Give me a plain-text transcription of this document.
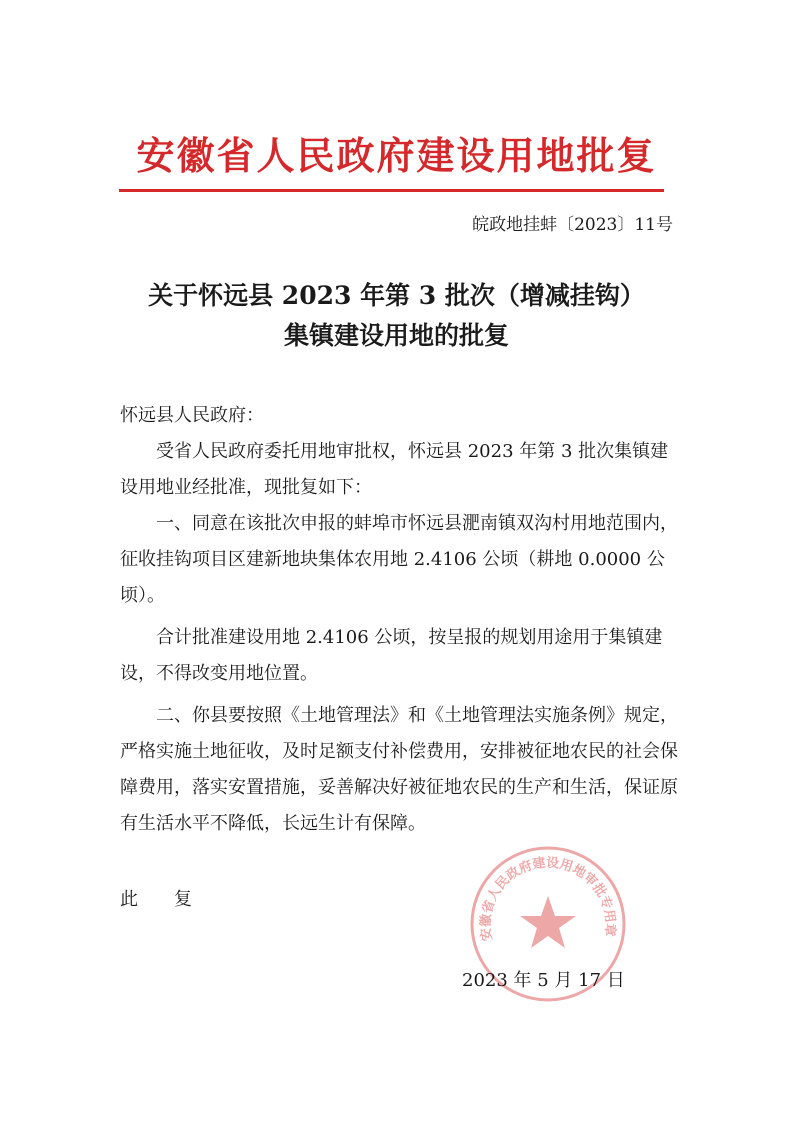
安徽省人民政府建设用地批复
皖政地挂蚌〔2023〕11号
关于怀远县 2023 年第 3 批次（增减挂钩）
集镇建设用地的批复

怀远县人民政府：

受省人民政府委托用地审批权，怀远县 2023 年第 3 批次集镇建设用地业经批准，现批复如下：

一、同意在该批次申报的蚌埠市怀远县淝南镇双沟村用地范围内，征收挂钩项目区建新地块集体农用地 2.4106 公顷（耕地 0.0000 公顷）。

合计批准建设用地 2.4106 公顷，按呈报的规划用途用于集镇建设，不得改变用地位置。

二、你县要按照《土地管理法》和《土地管理法实施条例》规定，严格实施土地征收，及时足额支付补偿费用，安排被征地农民的社会保障费用，落实安置措施，妥善解决好被征地农民的生产和生活，保证原有生活水平不降低，长远生计有保障。

此　　复
安徽省人民政府建设用地审批专用章
2023 年 5 月 17 日
